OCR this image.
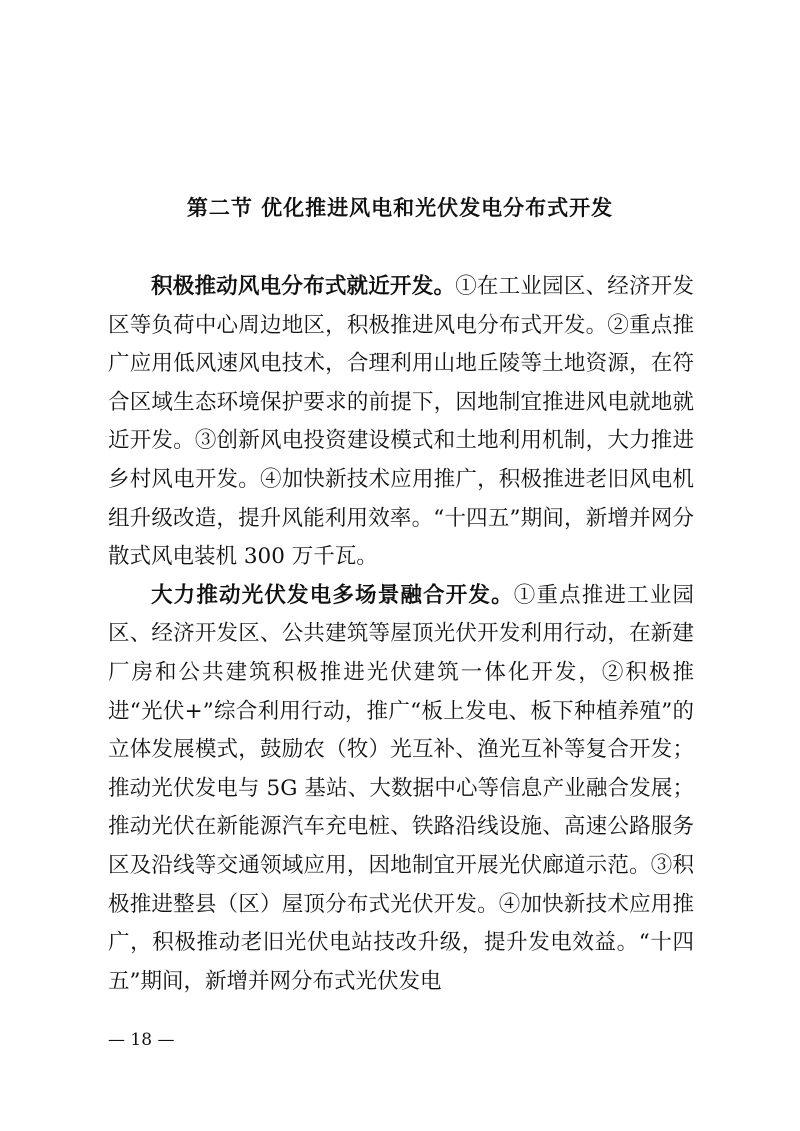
第二节 优化推进风电和光伏发电分布式开发

积极推动风电分布式就近开发。①在工业园区、经济开发区等负荷中心周边地区，积极推进风电分布式开发。②重点推广应用低风速风电技术，合理利用山地丘陵等土地资源，在符合区域生态环境保护要求的前提下，因地制宜推进风电就地就近开发。③创新风电投资建设模式和土地利用机制，大力推进乡村风电开发。④加快新技术应用推广，积极推进老旧风电机组升级改造，提升风能利用效率。“十四五”期间，新增并网分散式风电装机 300 万千瓦。

大力推动光伏发电多场景融合开发。①重点推进工业园区、经济开发区、公共建筑等屋顶光伏开发利用行动，在新建厂房和公共建筑积极推进光伏建筑一体化开发，②积极推进“光伏+”综合利用行动，推广“板上发电、板下种植养殖”的立体发展模式，鼓励农（牧）光互补、渔光互补等复合开发；推动光伏发电与 5G 基站、大数据中心等信息产业融合发展；推动光伏在新能源汽车充电桩、铁路沿线设施、高速公路服务区及沿线等交通领域应用，因地制宜开展光伏廊道示范。③积极推进整县（区）屋顶分布式光伏开发。④加快新技术应用推广，积极推动老旧光伏电站技改升级，提升发电效益。“十四五”期间，新增并网分布式光伏发电

— 18 —
